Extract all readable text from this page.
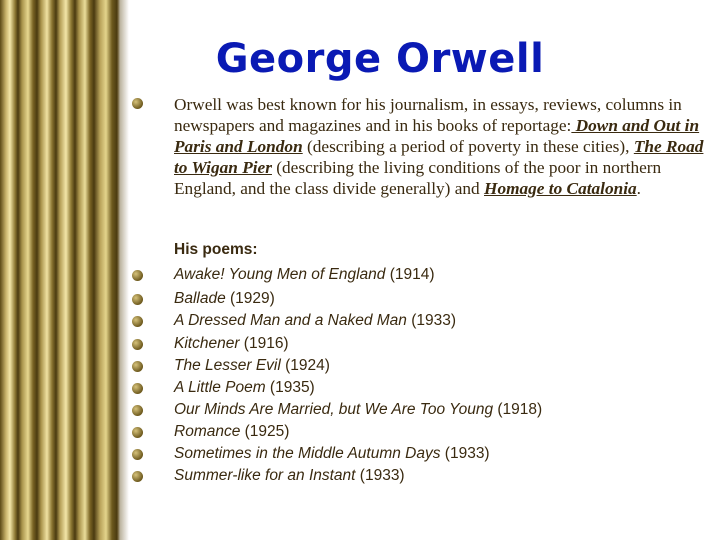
George Orwell
Orwell was best known for his journalism, in essays, reviews, columns in newspapers and magazines and in his books of reportage: Down and Out in Paris and London (describing a period of poverty in these cities), The Road to Wigan Pier (describing the living conditions of the poor in northern England, and the class divide generally) and Homage to Catalonia.
His poems:
Awake! Young Men of England (1914)
Ballade (1929)
A Dressed Man and a Naked Man (1933)
Kitchener (1916)
The Lesser Evil (1924)
A Little Poem (1935)
Our Minds Are Married, but We Are Too Young (1918)
Romance (1925)
Sometimes in the Middle Autumn Days (1933)
Summer-like for an Instant (1933)
